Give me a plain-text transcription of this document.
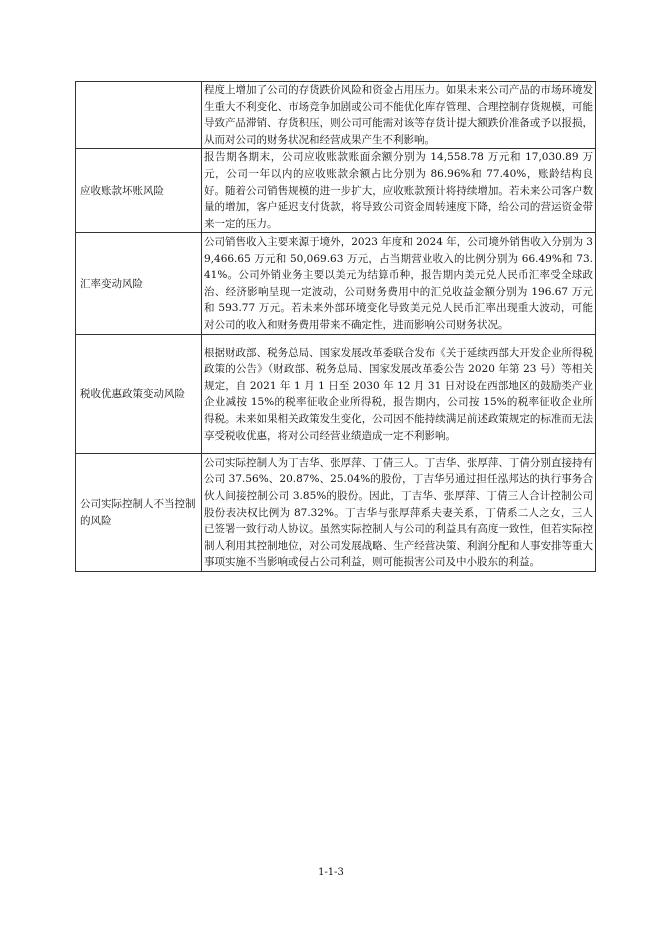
	程度上增加了公司的存货跌价风险和资金占用压力。如果未来公司产品的市场环境发生重大不利变化、市场竞争加剧或公司不能优化库存管理、合理控制存货规模，可能导致产品滞销、存货积压，则公司可能需对该等存货计提大额跌价准备或予以报损，从而对公司的财务状况和经营成果产生不利影响。
应收账款坏账风险	报告期各期末，公司应收账款账面余额分别为 14,558.78 万元和 17,030.89 万元，公司一年以内的应收账款余额占比分别为 86.96%和 77.40%，账龄结构良好。随着公司销售规模的进一步扩大，应收账款预计将持续增加。若未来公司客户数量的增加，客户延迟支付货款，将导致公司资金周转速度下降，给公司的营运资金带来一定的压力。
汇率变动风险	公司销售收入主要来源于境外，2023 年度和 2024 年，公司境外销售收入分别为 39,466.65 万元和 50,069.63 万元，占当期营业收入的比例分别为 66.49%和 73.41%。公司外销业务主要以美元为结算币种，报告期内美元兑人民币汇率受全球政治、经济影响呈现一定波动，公司财务费用中的汇兑收益金额分别为 196.67 万元和 593.77 万元。若未来外部环境变化导致美元兑人民币汇率出现重大波动，可能对公司的收入和财务费用带来不确定性，进而影响公司财务状况。
税收优惠政策变动风险	根据财政部、税务总局、国家发展改革委联合发布《关于延续西部大开发企业所得税政策的公告》（财政部、税务总局、国家发展改革委公告 2020 年第 23 号）等相关规定，自 2021 年 1 月 1 日至 2030 年 12 月 31 日对设在西部地区的鼓励类产业企业减按 15%的税率征收企业所得税，报告期内，公司按 15%的税率征收企业所得税。未来如果相关政策发生变化，公司因不能持续满足前述政策规定的标准而无法享受税收优惠，将对公司经营业绩造成一定不利影响。
公司实际控制人不当控制的风险	公司实际控制人为丁吉华、张厚萍、丁倩三人。丁吉华、张厚萍、丁倩分别直接持有公司 37.56%、20.87%、25.04%的股份，丁吉华另通过担任泓邦达的执行事务合伙人间接控制公司 3.85%的股份。因此，丁吉华、张厚萍、丁倩三人合计控制公司股份表决权比例为 87.32%。丁吉华与张厚萍系夫妻关系，丁倩系二人之女，三人已签署一致行动人协议。虽然实际控制人与公司的利益具有高度一致性，但若实际控制人利用其控制地位，对公司发展战略、生产经营决策、利润分配和人事安排等重大事项实施不当影响或侵占公司利益，则可能损害公司及中小股东的利益。
1-1-3
